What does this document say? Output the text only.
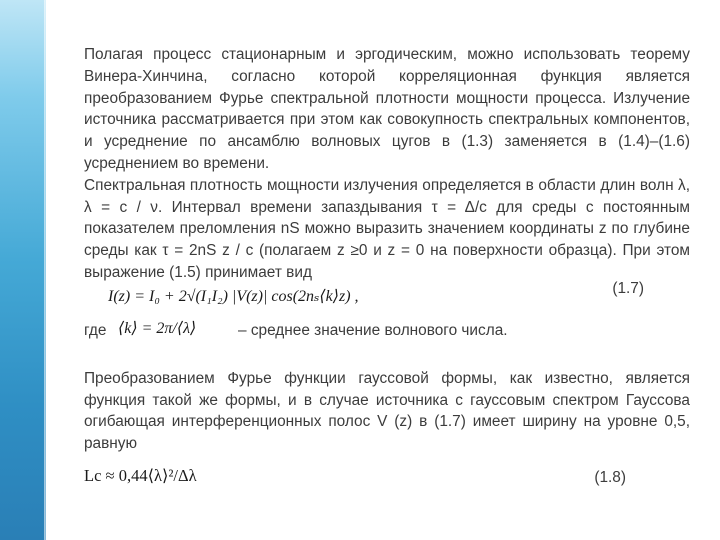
Полагая процесс стационарным и эргодическим, можно использовать теорему Винера-Хинчина, согласно которой корреляционная функция является преобразованием Фурье спектральной плотности мощности процесса. Излучение источника рассматривается при этом как совокупность спектральных компонентов, и усреднение по ансамблю волновых цугов в (1.3) заменяется в (1.4)–(1.6) усреднением во времени.

Спектральная плотность мощности излучения определяется в области длин волн λ, λ = c / ν. Интервал времени запаздывания τ = Δ/c для среды с постоянным показателем преломления nS можно выразить значением координаты z по глубине среды как τ = 2nS z / c (полагаем z ≥0 и z = 0 на поверхности образца). При этом выражение (1.5) принимает вид

I(z) = I₀ + 2√(I₁I₂) |V(z)| cos(2nₛ⟨k⟩z) ,	(1.7)
где ⟨k⟩ = 2π/⟨λ⟩	– среднее значение волнового числа.

Преобразованием Фурье функции гауссовой формы, как известно, является функция такой же формы, и в случае источника с гауссовым спектром Гауссова огибающая интерференционных полос V (z) в (1.7) имеет ширину на уровне 0,5, равную

Lc ≈ 0,44⟨λ⟩²/Δλ	(1.8)
